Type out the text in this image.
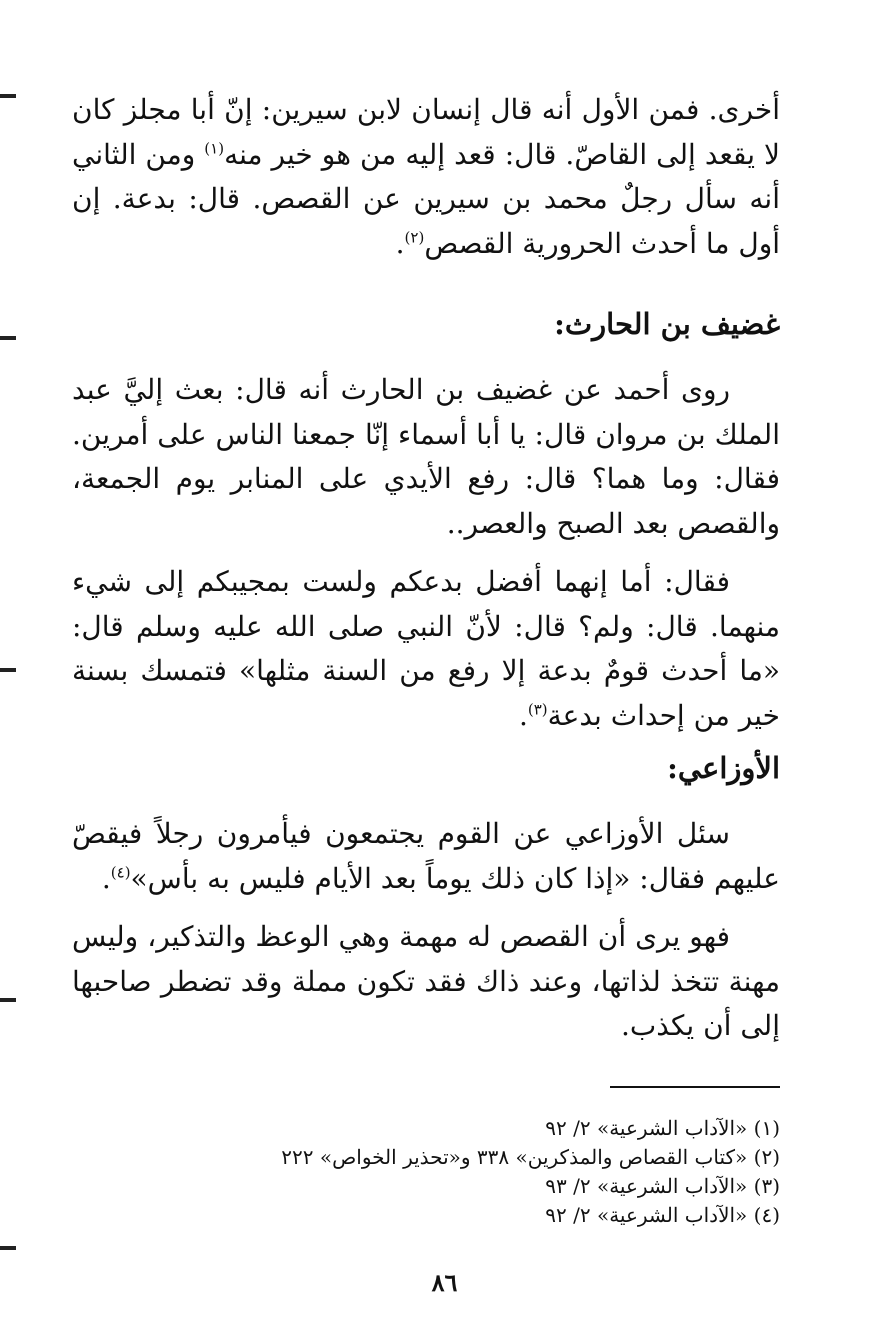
أخرى. فمن الأول أنه قال إنسان لابن سيرين: إنّ أبا مجلز كان لا يقعد إلى القاصّ. قال: قعد إليه من هو خير منه$^{(١)}$ ومن الثاني أنه سأل رجلٌ محمد بن سيرين عن القصص. قال: بدعة. إن أول ما أحدث الحرورية القصص$^{(٢)}$.

غضيف بن الحارث:

روى أحمد عن غضيف بن الحارث أنه قال: بعث إليَّ عبد الملك بن مروان قال: يا أبا أسماء إنّا جمعنا الناس على أمرين. فقال: وما هما؟ قال: رفع الأيدي على المنابر يوم الجمعة، والقصص بعد الصبح والعصر..

فقال: أما إنهما أفضل بدعكم ولست بمجيبكم إلى شيء منهما. قال: ولم؟ قال: لأنّ النبي صلى الله عليه وسلم قال: «ما أحدث قومٌ بدعة إلا رفع من السنة مثلها» فتمسك بسنة خير من إحداث بدعة$^{(٣)}$.

الأوزاعي:

سئل الأوزاعي عن القوم يجتمعون فيأمرون رجلاً فيقصّ عليهم فقال: «إذا كان ذلك يوماً بعد الأيام فليس به بأس»$^{(٤)}$.

فهو يرى أن القصص له مهمة وهي الوعظ والتذكير، وليس مهنة تتخذ لذاتها، وعند ذاك فقد تكون مملة وقد تضطر صاحبها إلى أن يكذب.

(١) «الآداب الشرعية» ٢/ ٩٢
(٢) «كتاب القصاص والمذكرين» ٣٣٨ و«تحذير الخواص» ٢٢٢
(٣) «الآداب الشرعية» ٢/ ٩٣
(٤) «الآداب الشرعية» ٢/ ٩٢
٨٦
